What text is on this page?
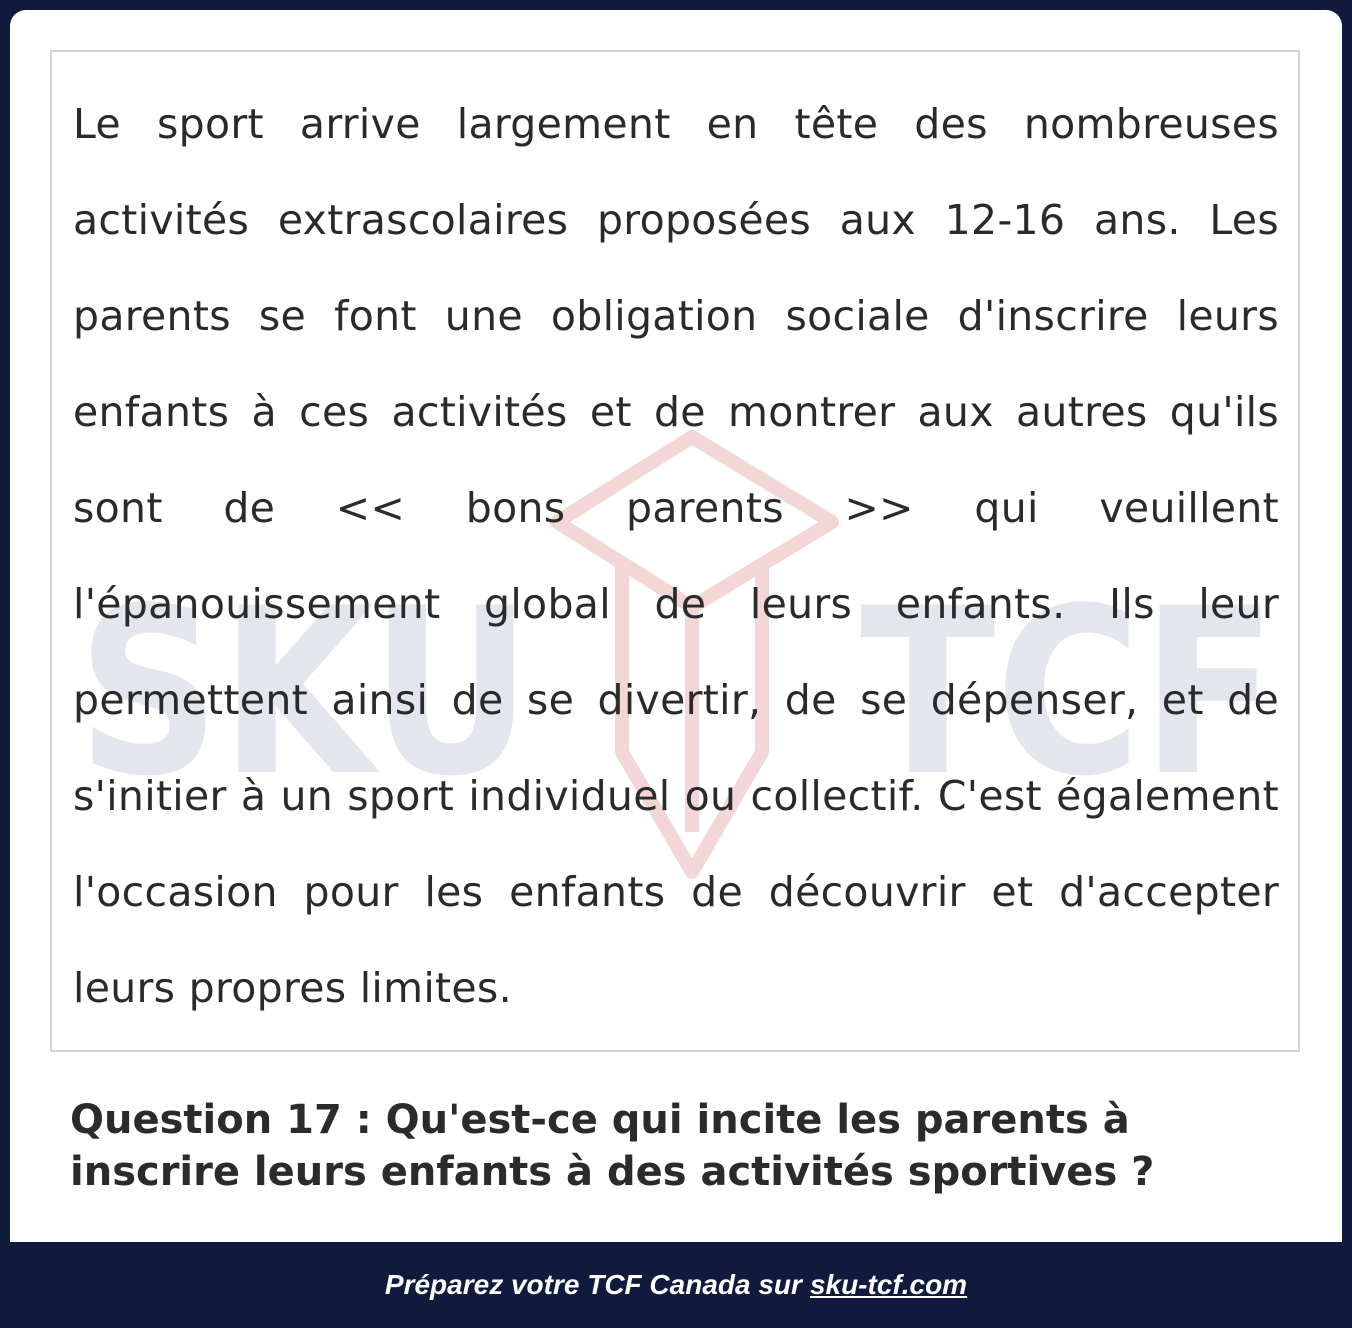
SKU TCF

Le sport arrive largement en tête des nombreuses activités extrascolaires proposées aux 12-16 ans. Les parents se font une obligation sociale d'inscrire leurs enfants à ces activités et de montrer aux autres qu'ils sont de << bons parents >> qui veuillent l'épanouissement global de leurs enfants. Ils leur permettent ainsi de se divertir, de se dépenser, et de s'initier à un sport individuel ou collectif. C'est également l'occasion pour les enfants de découvrir et d'accepter leurs propres limites.

Question 17 : Qu'est-ce qui incite les parents à inscrire leurs enfants à des activités sportives ?

Préparez votre TCF Canada sur sku-tcf.com
